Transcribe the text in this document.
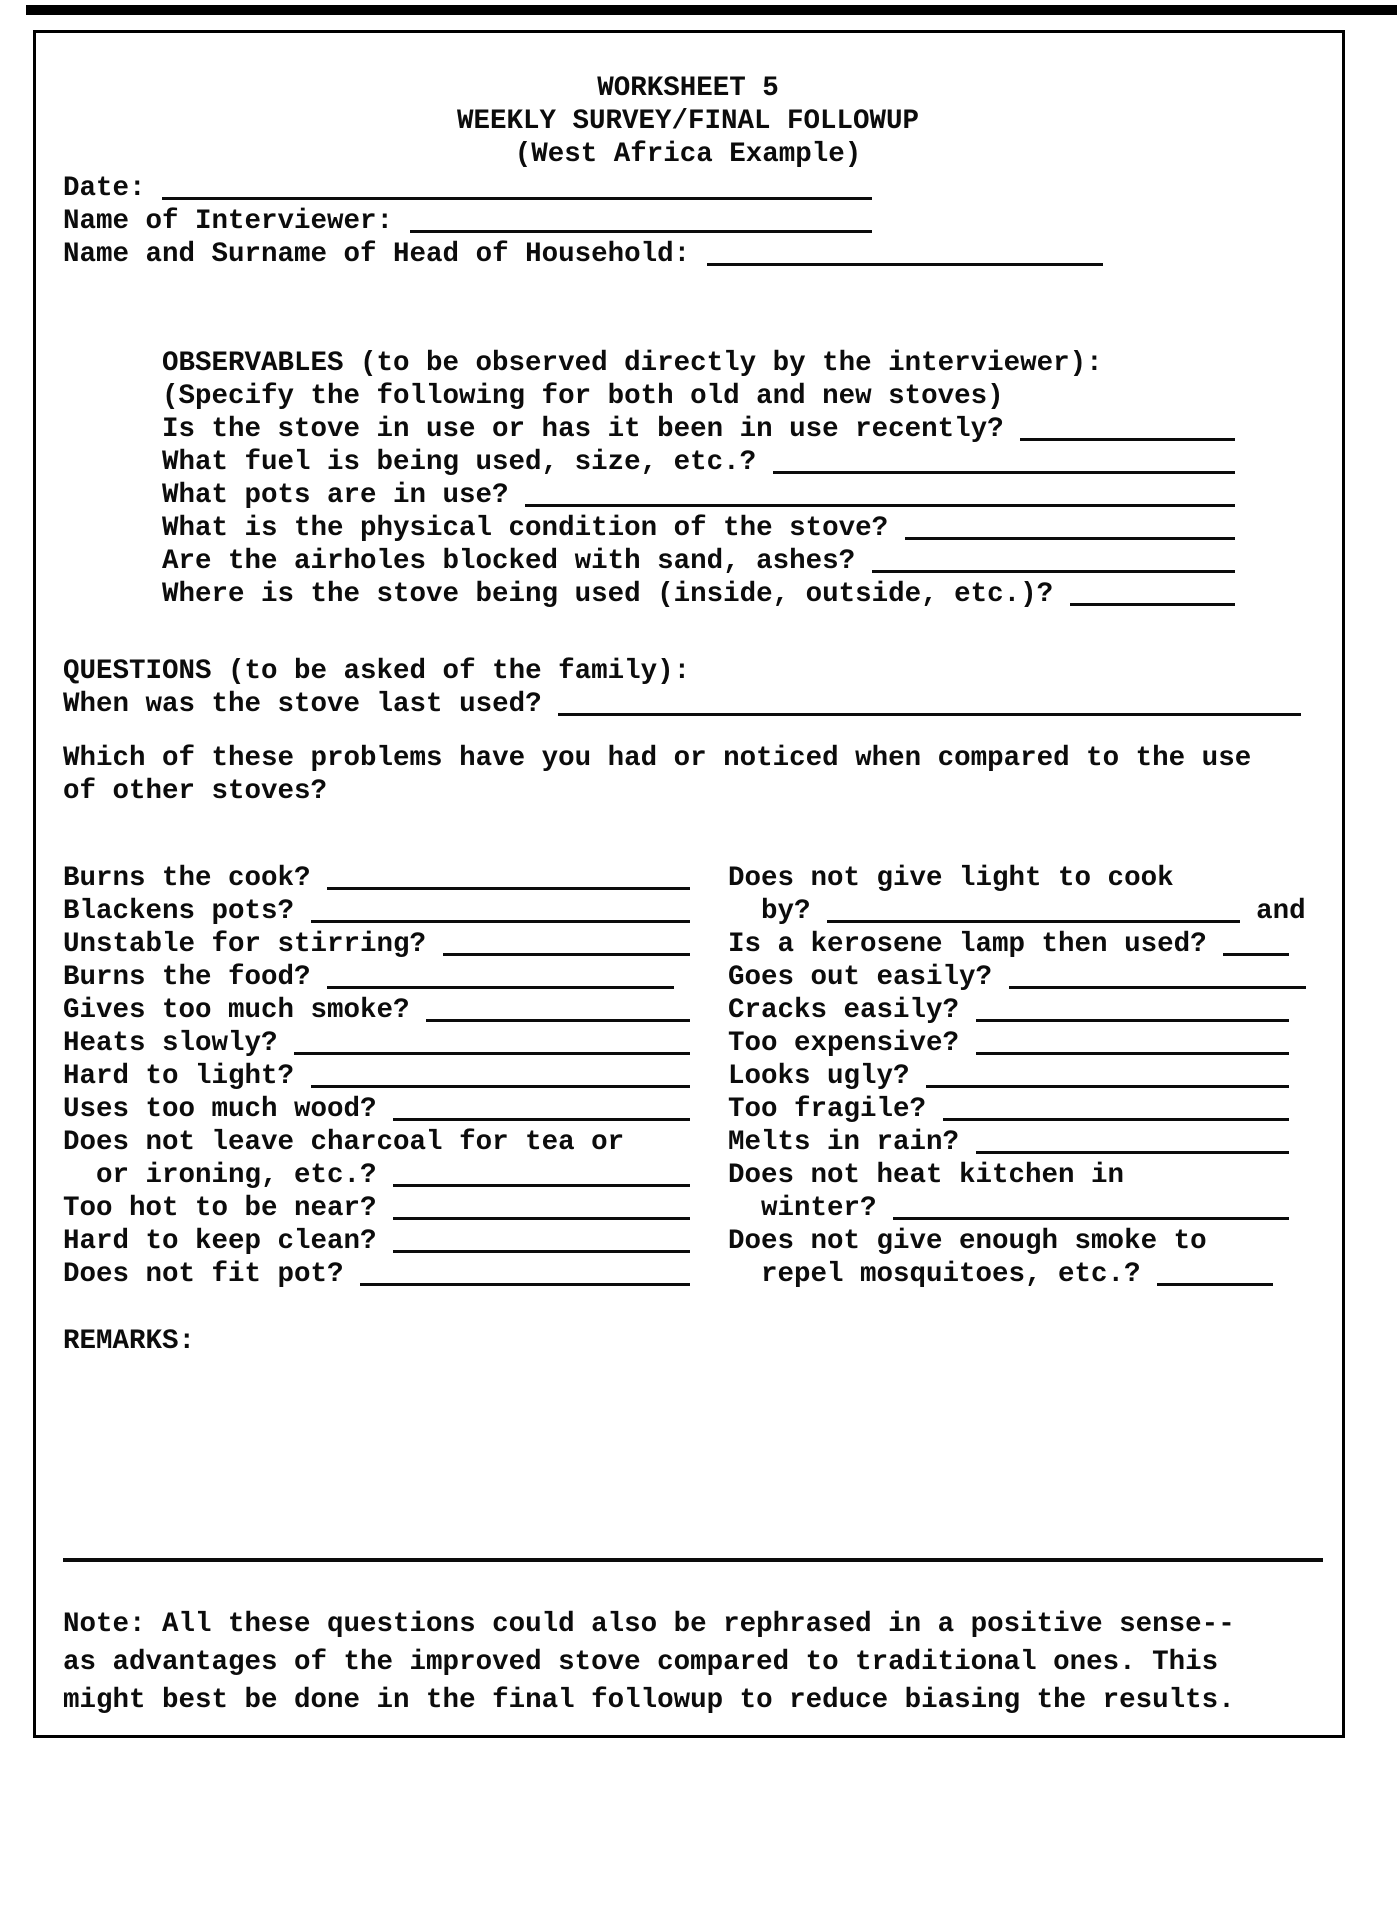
WORKSHEET 5
WEEKLY SURVEY/FINAL FOLLOWUP
(West Africa Example)
Date:
Name of Interviewer:
Name and Surname of Head of Household:
OBSERVABLES (to be observed directly by the interviewer):
(Specify the following for both old and new stoves)
Is the stove in use or has it been in use recently?
What fuel is being used, size, etc.?
What pots are in use?
What is the physical condition of the stove?
Are the airholes blocked with sand, ashes?
Where is the stove being used (inside, outside, etc.)?
QUESTIONS (to be asked of the family):
When was the stove last used?
Which of these problems have you had or noticed when compared to the use
of other stoves?
Burns the cook?
Blackens pots?
Unstable for stirring?
Burns the food?
Gives too much smoke?
Heats slowly?
Hard to light?
Uses too much wood?
Does not leave charcoal for tea or
or ironing, etc.?
Too hot to be near?
Hard to keep clean?
Does not fit pot?
Does not give light to cook
by?	and
Is a kerosene lamp then used?
Goes out easily?
Cracks easily?
Too expensive?
Looks ugly?
Too fragile?
Melts in rain?
Does not heat kitchen in
winter?
Does not give enough smoke to
repel mosquitoes, etc.?
REMARKS:
Note: All these questions could also be rephrased in a positive sense--
as advantages of the improved stove compared to traditional ones. This
might best be done in the final followup to reduce biasing the results.
